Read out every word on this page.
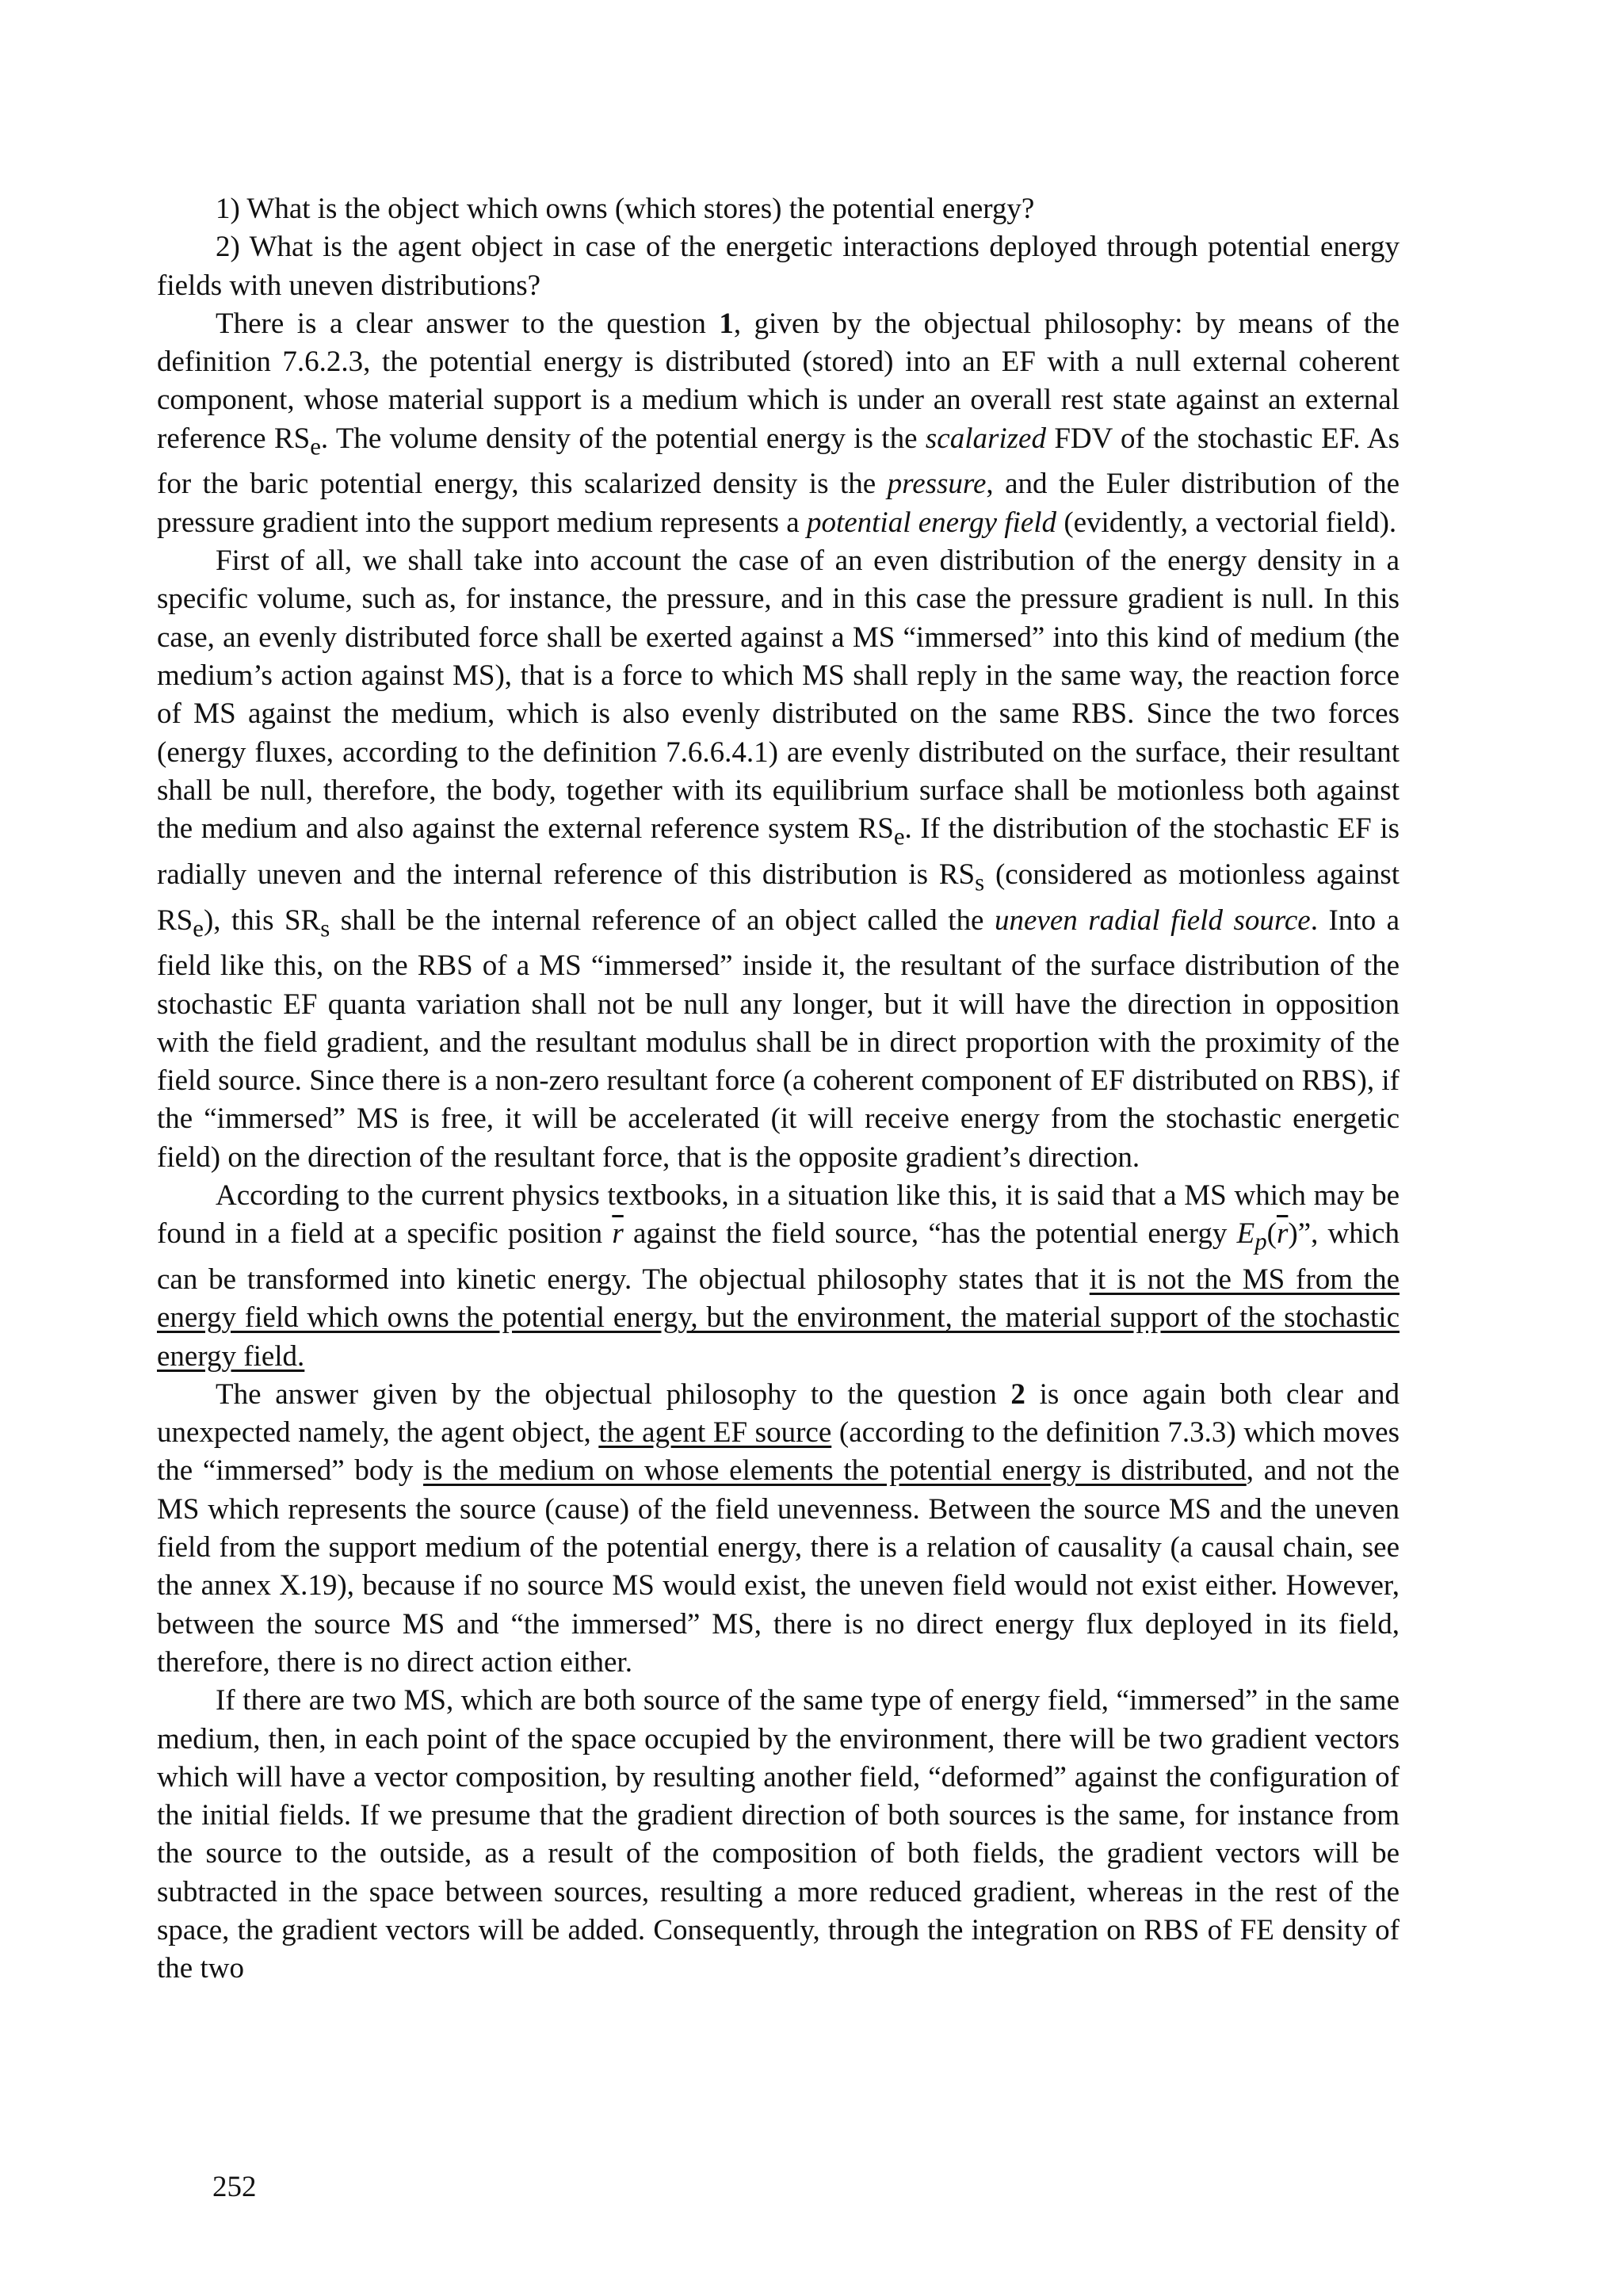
1) What is the object which owns (which stores) the potential energy?

2) What is the agent object in case of the energetic interactions deployed through potential energy fields with uneven distributions?

There is a clear answer to the question 1, given by the objectual philosophy: by means of the definition 7.6.2.3, the potential energy is distributed (stored) into an EF with a null external coherent component, whose material support is a medium which is under an overall rest state against an external reference $RS_e$. The volume density of the potential energy is the scalarized FDV of the stochastic EF. As for the baric potential energy, this scalarized density is the pressure, and the Euler distribution of the pressure gradient into the support medium represents a potential energy field (evidently, a vectorial field).

First of all, we shall take into account the case of an even distribution of the energy density in a specific volume, such as, for instance, the pressure, and in this case the pressure gradient is null. In this case, an evenly distributed force shall be exerted against a MS “immersed” into this kind of medium (the medium’s action against MS), that is a force to which MS shall reply in the same way, the reaction force of MS against the medium, which is also evenly distributed on the same RBS. Since the two forces (energy fluxes, according to the definition 7.6.6.4.1) are evenly distributed on the surface, their resultant shall be null, therefore, the body, together with its equilibrium surface shall be motionless both against the medium and also against the external reference system $RS_e$. If the distribution of the stochastic EF is radially uneven and the internal reference of this distribution is $RS_s$ (considered as motionless against $RS_e$), this $SR_s$ shall be the internal reference of an object called the uneven radial field source. Into a field like this, on the RBS of a MS “immersed” inside it, the resultant of the surface distribution of the stochastic EF quanta variation shall not be null any longer, but it will have the direction in opposition with the field gradient, and the resultant modulus shall be in direct proportion with the proximity of the field source. Since there is a non-zero resultant force (a coherent component of EF distributed on RBS), if the “immersed” MS is free, it will be accelerated (it will receive energy from the stochastic energetic field) on the direction of the resultant force, that is the opposite gradient’s direction.

According to the current physics textbooks, in a situation like this, it is said that a MS which may be found in a field at a specific position $\overline{r}$ against the field source, “has the potential energy $E_p(\overline{r})$”, which can be transformed into kinetic energy. The objectual philosophy states that it is not the MS from the energy field which owns the potential energy, but the environment, the material support of the stochastic energy field.

The answer given by the objectual philosophy to the question 2 is once again both clear and unexpected namely, the agent object, the agent EF source (according to the definition 7.3.3) which moves the “immersed” body is the medium on whose elements the potential energy is distributed, and not the MS which represents the source (cause) of the field unevenness. Between the source MS and the uneven field from the support medium of the potential energy, there is a relation of causality (a causal chain, see the annex X.19), because if no source MS would exist, the uneven field would not exist either. However, between the source MS and “the immersed” MS, there is no direct energy flux deployed in its field, therefore, there is no direct action either.

If there are two MS, which are both source of the same type of energy field, “immersed” in the same medium, then, in each point of the space occupied by the environment, there will be two gradient vectors which will have a vector composition, by resulting another field, “deformed” against the configuration of the initial fields. If we presume that the gradient direction of both sources is the same, for instance from the source to the outside, as a result of the composition of both fields, the gradient vectors will be subtracted in the space between sources, resulting a more reduced gradient, whereas in the rest of the space, the gradient vectors will be added. Consequently, through the integration on RBS of FE density of the two

252
